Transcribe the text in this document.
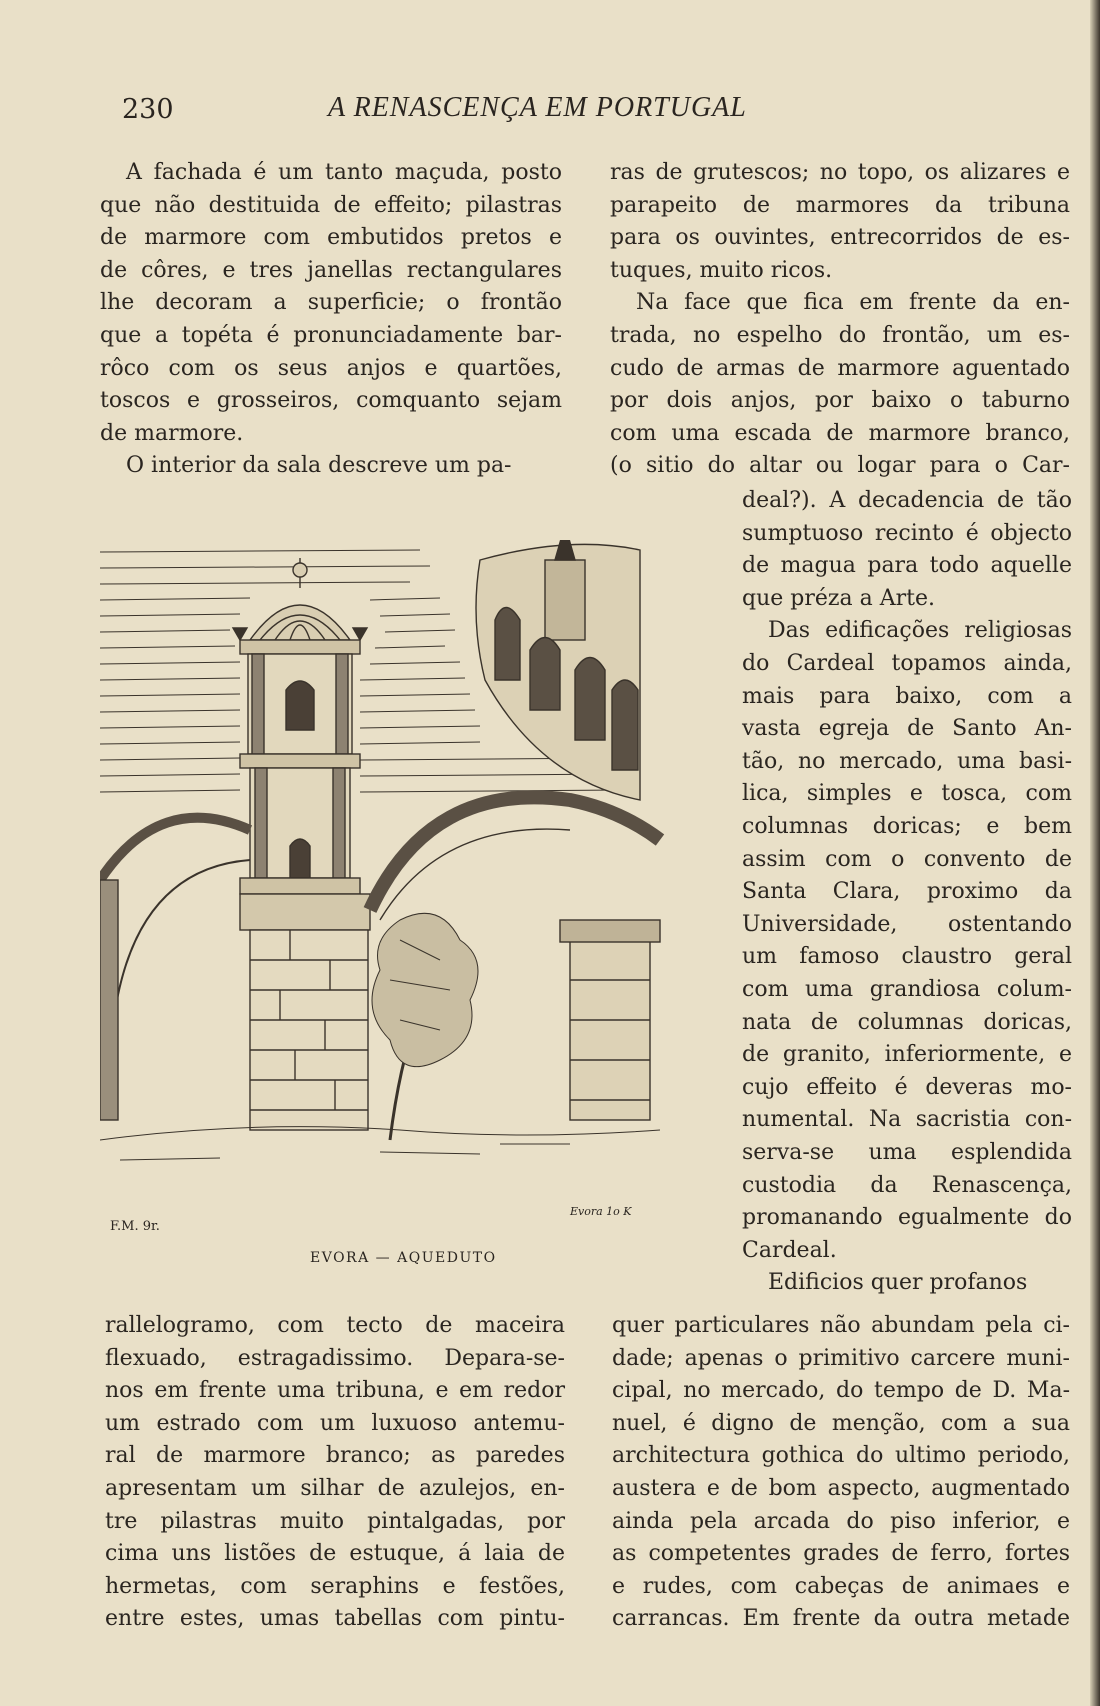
230	A RENASCENÇA EM PORTUGAL
A fachada é um tanto maçuda, posto
que não destituida de effeito; pilastras
de marmore com embutidos pretos e
de côres, e tres janellas rectangulares
lhe decoram a superficie; o frontão
que a topéta é pronunciadamente bar-
rôco com os seus anjos e quartões,
toscos e grosseiros, comquanto sejam
de marmore.
O interior da sala descreve um pa-
ras de grutescos; no topo, os alizares e
parapeito de marmores da tribuna
para os ouvintes, entrecorridos de es-
tuques, muito ricos.
Na face que fica em frente da en-
trada, no espelho do frontão, um es-
cudo de armas de marmore aguentado
por dois anjos, por baixo o taburno
com uma escada de marmore branco,
(o sitio do altar ou logar para o Car-
deal?). A decadencia de tão
sumptuoso recinto é objecto
de magua para todo aquelle
que préza a Arte.
Das edificações religiosas
do Cardeal topamos ainda,
mais para baixo, com a
vasta egreja de Santo An-
tão, no mercado, uma basi-
lica, simples e tosca, com
columnas doricas; e bem
assim com o convento de
Santa Clara, proximo da
Universidade, ostentando
um famoso claustro geral
com uma grandiosa colum-
nata de columnas doricas,
de granito, inferiormente, e
cujo effeito é deveras mo-
numental. Na sacristia con-
serva-se uma esplendida
custodia da Renascença,
promanando egualmente do
Cardeal.
Edificios quer profanos
rallelogramo, com tecto de maceira
flexuado, estragadissimo. Depara-se-
nos em frente uma tribuna, e em redor
um estrado com um luxuoso antemu-
ral de marmore branco; as paredes
apresentam um silhar de azulejos, en-
tre pilastras muito pintalgadas, por
cima uns listões de estuque, á laia de
hermetas, com seraphins e festões,
entre estes, umas tabellas com pintu-
quer particulares não abundam pela ci-
dade; apenas o primitivo carcere muni-
cipal, no mercado, do tempo de D. Ma-
nuel, é digno de menção, com a sua
architectura gothica do ultimo periodo,
austera e de bom aspecto, augmentado
ainda pela arcada do piso inferior, e
as competentes grades de ferro, fortes
e rudes, com cabeças de animaes e
carrancas. Em frente da outra metade
F.M. 9r.
Evora 1o K
EVORA — AQUEDUTO
